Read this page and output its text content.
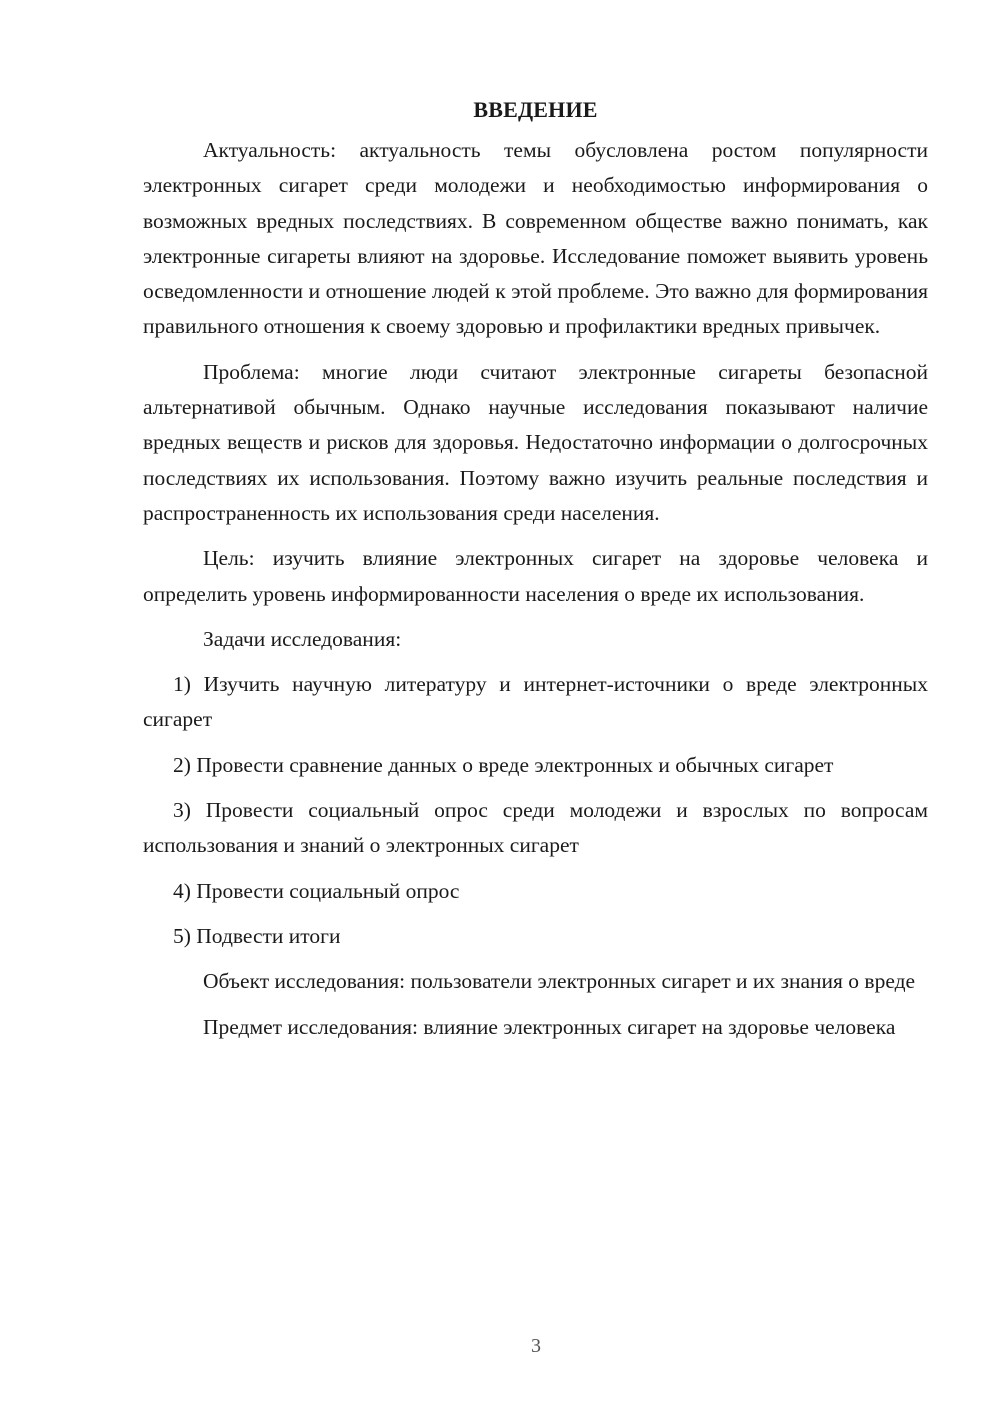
ВВЕДЕНИЕ

Актуальность: актуальность темы обусловлена ростом популярности электронных сигарет среди молодежи и необходимостью информирования о возможных вредных последствиях. В современном обществе важно понимать, как электронные сигареты влияют на здоровье. Исследование поможет выявить уровень осведомленности и отношение людей к этой проблеме. Это важно для формирования правильного отношения к своему здоровью и профилактики вредных привычек.

Проблема: многие люди считают электронные сигареты безопасной альтернативой обычным. Однако научные исследования показывают наличие вредных веществ и рисков для здоровья. Недостаточно информации о долгосрочных последствиях их использования. Поэтому важно изучить реальные последствия и распространенность их использования среди населения.

Цель: изучить влияние электронных сигарет на здоровье человека и определить уровень информированности населения о вреде их использования.

Задачи исследования:

1) Изучить научную литературу и интернет-источники о вреде электронных сигарет

2) Провести сравнение данных о вреде электронных и обычных сигарет

3) Провести социальный опрос среди молодежи и взрослых по вопросам использования и знаний о электронных сигарет

4) Провести социальный опрос

5) Подвести итоги

Объект исследования: пользователи электронных сигарет и их знания о вреде

Предмет исследования: влияние электронных сигарет на здоровье человека

3
